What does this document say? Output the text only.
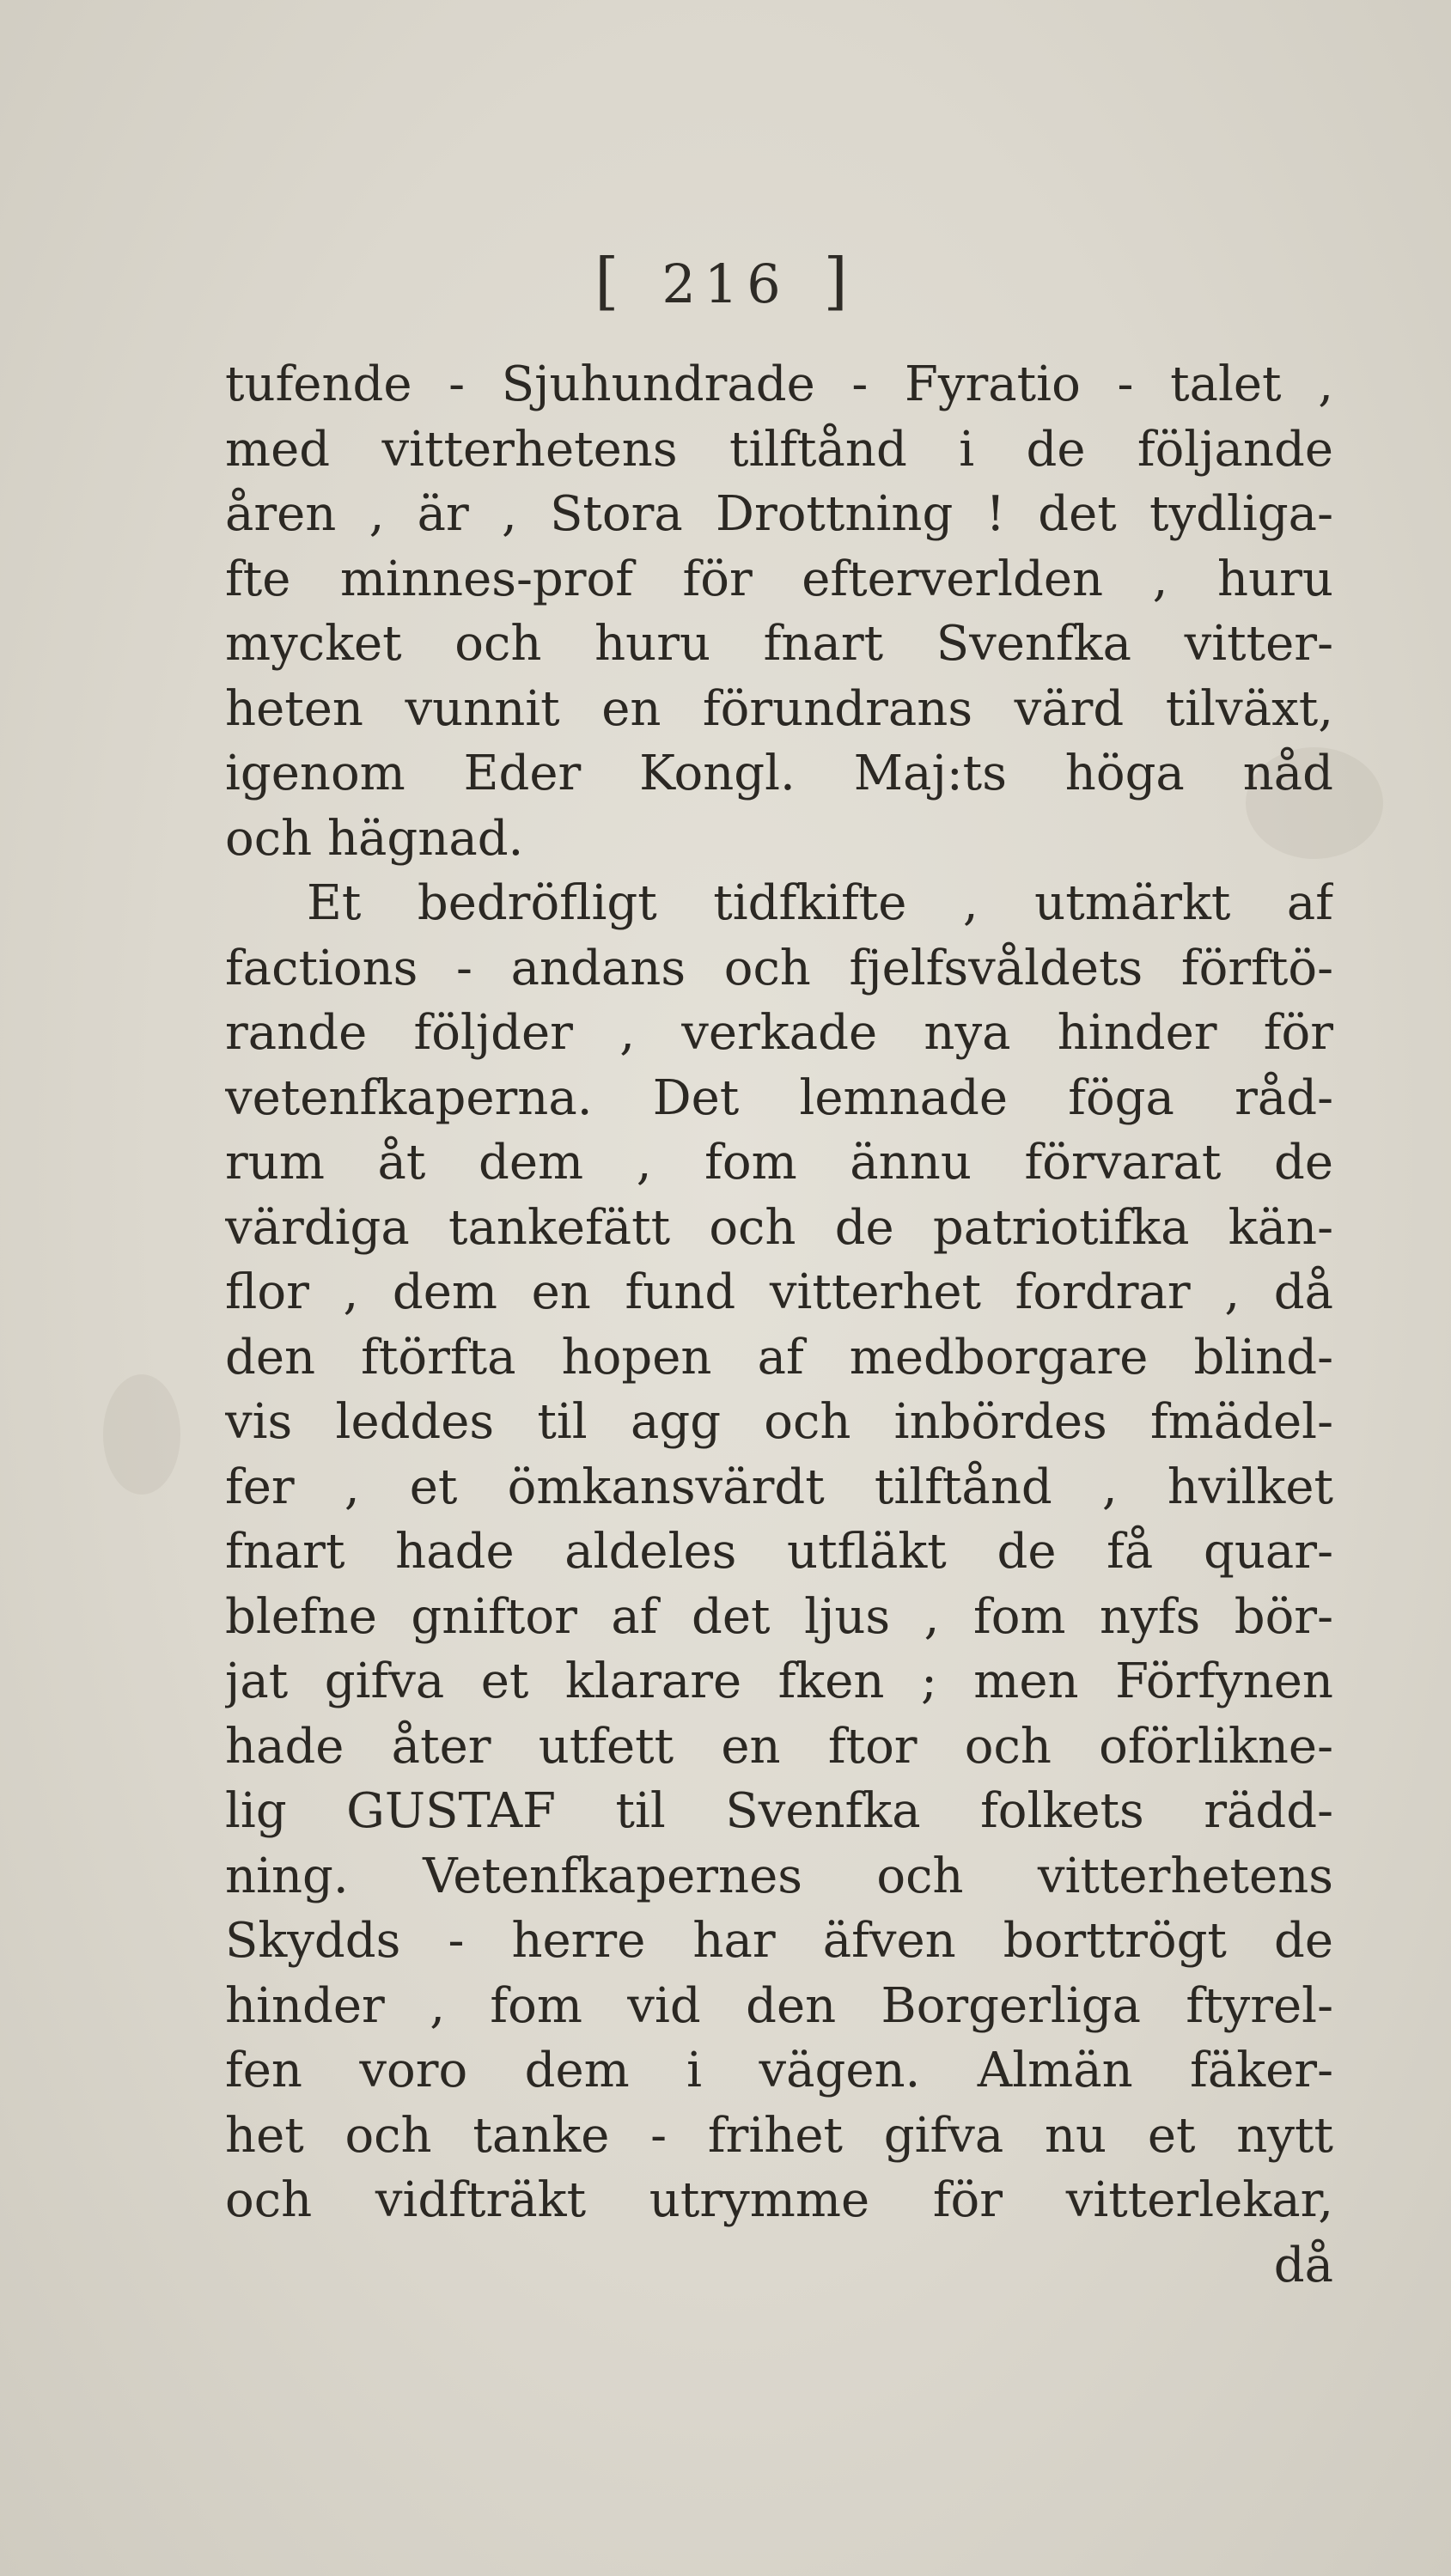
[ 216 ]
tufende - Sjuhundrade - Fyratio - talet ,
med vitterhetens tilftånd i de följande
åren , är , Stora Drottning ! det tydliga-
fte minnes-prof för efterverlden , huru
mycket och huru fnart Svenfka vitter-
heten vunnit en förundrans värd tilväxt,
igenom Eder Kongl. Maj:ts höga nåd
och hägnad.
Et bedröfligt tidfkifte , utmärkt af
factions - andans och fjelfsvåldets förftö-
rande följder , verkade nya hinder för
vetenfkaperna. Det lemnade föga råd-
rum åt dem , fom ännu förvarat de
värdiga tankefätt och de patriotifka kän-
flor , dem en fund vitterhet fordrar , då
den ftörfta hopen af medborgare blind-
vis leddes til agg och inbördes fmädel-
fer , et ömkansvärdt tilftånd , hvilket
fnart hade aldeles utfläkt de få quar-
blefne gniftor af det ljus , fom nyfs bör-
jat gifva et klarare fken ; men Förfynen
hade åter utfett en ftor och oförlikne-
lig GUSTAF til Svenfka folkets rädd-
ning. Vetenfkapernes och vitterhetens
Skydds - herre har äfven borttrögt de
hinder , fom vid den Borgerliga ftyrel-
fen voro dem i vägen. Almän fäker-
het och tanke - frihet gifva nu et nytt
och vidfträkt utrymme för vitterlekar,
då
